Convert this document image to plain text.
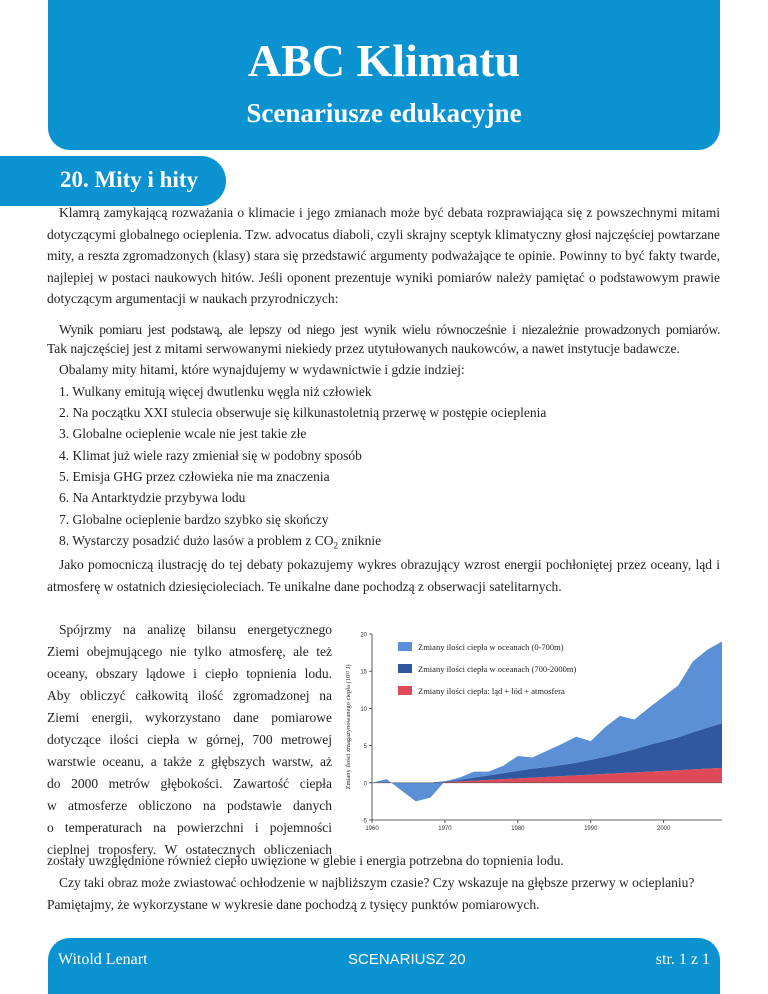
ABC Klimatu
Scenariusze edukacyjne
20. Mity i hity
Klamrą zamykającą rozważania o klimacie i jego zmianach może być debata rozprawiająca się z powszechnymi mitami dotyczącymi globalnego ocieplenia. Tzw. advocatus diaboli, czyli skrajny sceptyk klimatyczny głosi najczęściej powtarzane mity, a reszta zgromadzonych (klasy) stara się przedstawić argumenty podważające te opinie. Powinny to być fakty twarde, najlepiej w postaci naukowych hitów. Jeśli oponent prezentuje wyniki pomiarów należy pamiętać o podstawowym prawie dotyczącym argumentacji w naukach przyrodniczych:
Wynik pomiaru jest podstawą, ale lepszy od niego jest wynik wielu równocześnie i niezależnie prowadzonych pomiarów.
Tak najczęściej jest z mitami serwowanymi niekiedy przez utytułowanych naukowców, a nawet instytucje badawcze.
Obalamy mity hitami, które wynajdujemy w wydawnictwie i gdzie indziej:
1. Wulkany emitują więcej dwutlenku węgla niż człowiek
2. Na początku XXI stulecia obserwuje się kilkunastoletnią przerwę w postępie ocieplenia
3. Globalne ocieplenie wcale nie jest takie złe
4. Klimat już wiele razy zmieniał się w podobny sposób
5. Emisja GHG przez człowieka nie ma znaczenia
6. Na Antarktydzie przybywa lodu
7. Globalne ocieplenie bardzo szybko się skończy
8. Wystarczy posadzić dużo lasów a problem z $CO_2$ zniknie
Jako pomocniczą ilustrację do tej debaty pokazujemy wykres obrazujący wzrost energii pochłoniętej przez oceany, ląd i atmosferę w ostatnich dziesięcioleciach. Te unikalne dane pochodzą z obserwacji satelitarnych.
Spójrzmy na analizę bilansu energetycznego
Ziemi obejmującego nie tylko atmosferę, ale też
oceany, obszary lądowe i ciepło topnienia lodu.
Aby obliczyć całkowitą ilość zgromadzonej na
Ziemi energii, wykorzystano dane pomiarowe
dotyczące ilości ciepła w górnej, 700 metrowej
warstwie oceanu, a także z głębszych warstw, aż
do 2000 metrów głębokości. Zawartość ciepła
w atmosferze obliczono na podstawie danych
o temperaturach na powierzchni i pojemności
cieplnej troposfery. W ostatecznych obliczeniach
-5
0
5
10
15
20
1960	1970	1980	1990	2000
Zmiany ilości ciepła w oceanach (0-700m)
Zmiany ilości ciepła w oceanach (700-2000m)
Zmiany ilości ciepła: ląd + lód + atmosfera
Zmiany ilości zmagazynowanego ciepła (10²² J)
zostały uwzględnione również ciepło uwięzione w glebie i energia potrzebna do topnienia lodu.
Czy taki obraz może zwiastować ochłodzenie w najbliższym czasie? Czy wskazuje na głębsze przerwy w ocieplaniu?
Pamiętajmy, że wykorzystane w wykresie dane pochodzą z tysięcy punktów pomiarowych.
Witold Lenart	SCENARIUSZ 20	str. 1 z 1
